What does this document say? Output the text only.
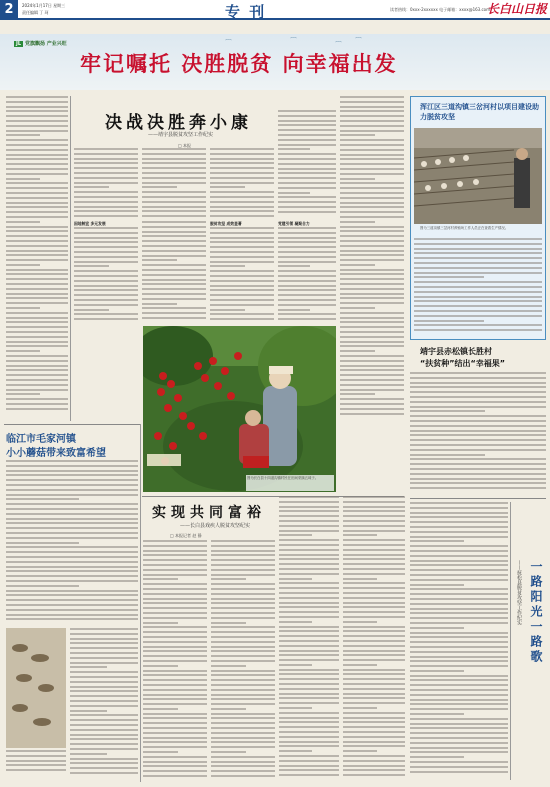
2	2024年1月17日 星期三
责任编辑 丁 珂	专 刊	读者热线：0xxx-2xxxxxx 电子邮箱：xxxx@163.com
长白山日报
JL 党旗飘扬 产业兴旺
牢记嘱托 决胜脱贫 向幸福出发
⌒	⌒	⌒ ⌒
决战决胜奔小康
——靖宇县脱贫攻坚工作纪实
□ 本报
因地制宜 多元发展	脱贫攻坚 成效显著	党建引领 凝聚合力
图为长白县十四道沟镇村民在田间采摘五味子。
浑江区三道沟镇三岔河村以项目建设助力脱贫攻坚
图为三道沟镇三岔河村养殖场工作人员正在查看生产情况。
靖宇县赤松镇长胜村
“扶贫种”结出“幸福果”
临江市毛家河镇
小小蘑菇带来致富希望
实现共同富裕
——长白县戏疾人脱贫攻坚纪实
□ 本报记者 赵 静
一路阳光一路歌
——抚松县脱贫攻坚工作纪实
